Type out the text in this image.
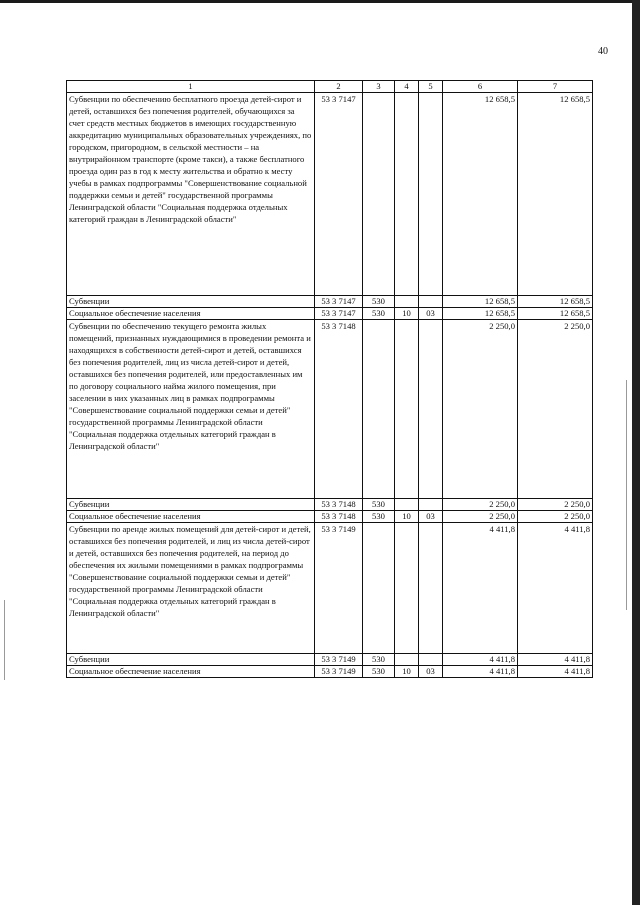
40
1	2	3	4	5	6	7
Субвенции по обеспечению бесплатного проезда детей-сирот и детей, оставшихся без попечения родителей, обучающихся за счет средств местных бюджетов в имеющих государственную аккредитацию муниципальных образовательных учреждениях, по городском, пригородном, в сельской местности – на внутрирайонном транспорте (кроме такси), а также бесплатного проезда один раз в год к месту жительства и обратно к месту учебы в рамках подпрограммы "Совершенствование социальной поддержки семьи и детей" государственной программы Ленинградской области "Социальная поддержка отдельных категорий граждан в Ленинградской области"	53 3 7147				12 658,5	12 658,5
Субвенции	53 3 7147	530			12 658,5	12 658,5
Социальное обеспечение населения	53 3 7147	530	10	03	12 658,5	12 658,5
Субвенции по обеспечению текущего ремонта жилых помещений, признанных нуждающимися в проведении ремонта и находящихся в собственности детей-сирот и детей, оставшихся без попечения родителей, лиц из числа детей-сирот и детей, оставшихся без попечения родителей, или предоставленных им по договору социального найма жилого помещения, при заселении в них указанных лиц в рамках подпрограммы "Совершенствование социальной поддержки семьи и детей" государственной программы Ленинградской области "Социальная поддержка отдельных категорий граждан в Ленинградской области"	53 3 7148				2 250,0	2 250,0
Субвенции	53 3 7148	530			2 250,0	2 250,0
Социальное обеспечение населения	53 3 7148	530	10	03	2 250,0	2 250,0
Субвенции по аренде жилых помещений для детей-сирот и детей, оставшихся без попечения родителей, и лиц из числа детей-сирот и детей, оставшихся без попечения родителей, на период до обеспечения их жилыми помещениями в рамках подпрограммы "Совершенствование социальной поддержки семьи и детей" государственной программы Ленинградской области "Социальная поддержка отдельных категорий граждан в Ленинградской области"	53 3 7149				4 411,8	4 411,8
Субвенции	53 3 7149	530			4 411,8	4 411,8
Социальное обеспечение населения	53 3 7149	530	10	03	4 411,8	4 411,8
